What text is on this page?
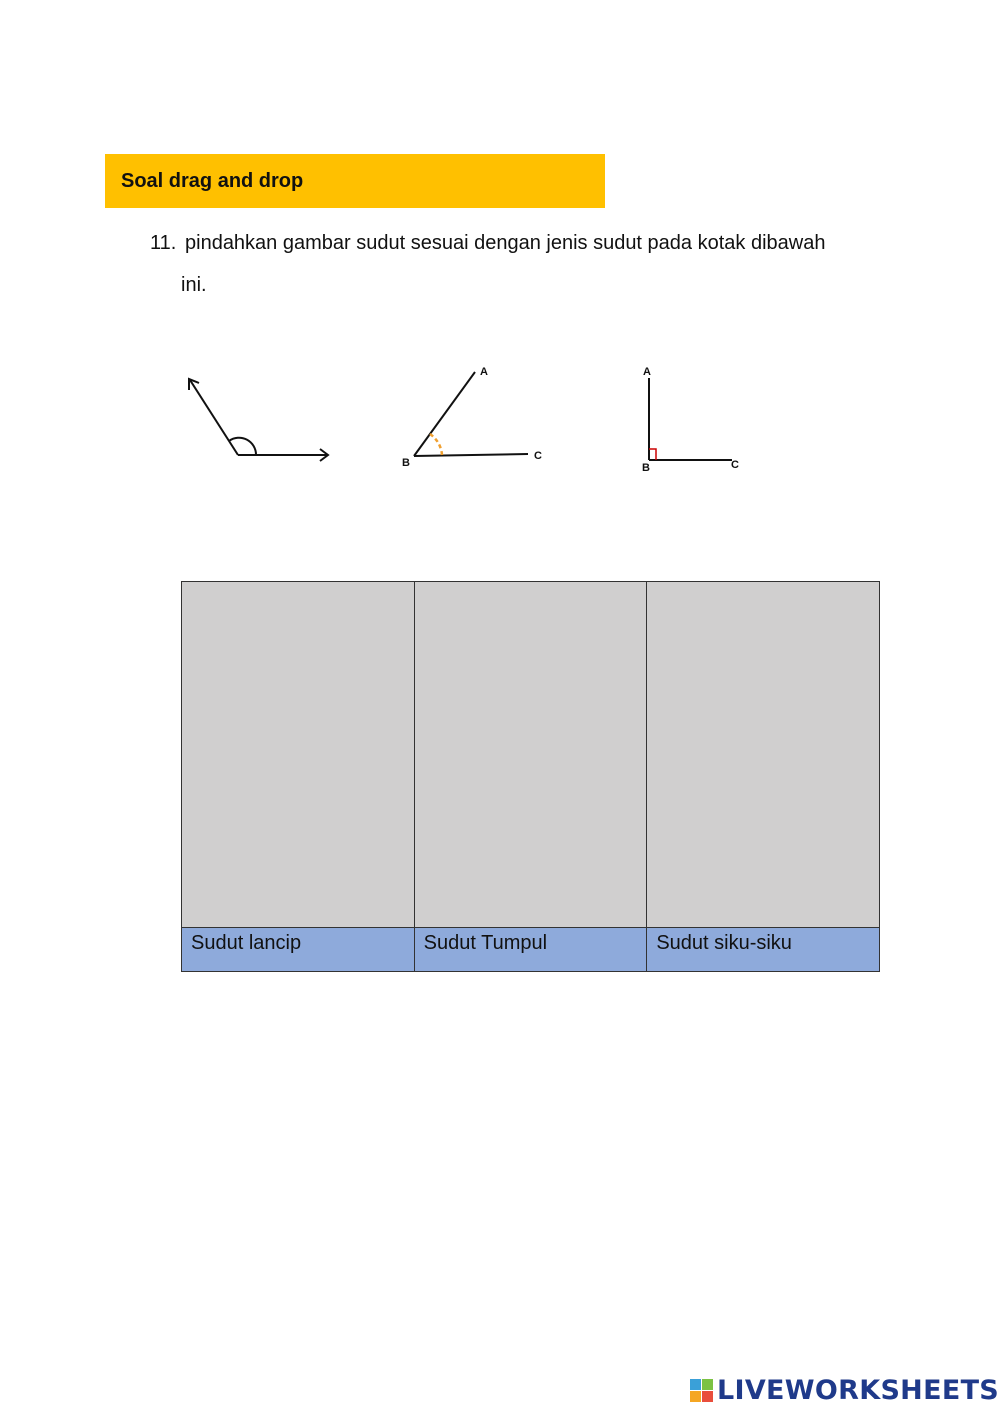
Soal drag and drop
11. pindahkan gambar sudut sesuai dengan jenis sudut pada kotak dibawah
ini.
A
B
C
A
B	C

Sudut lancip	Sudut Tumpul	Sudut siku-siku
LIVEWORKSHEETS
